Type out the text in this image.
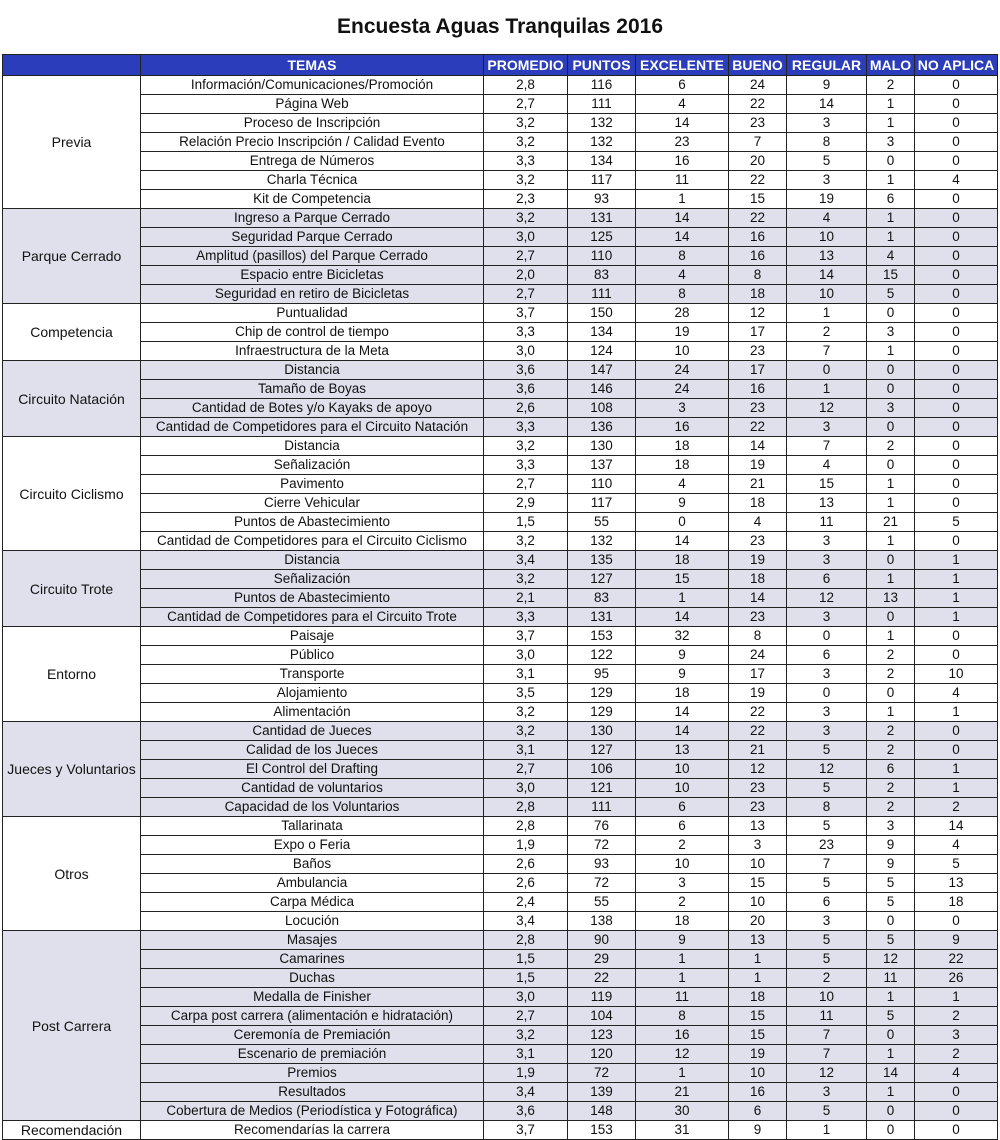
Encuesta Aguas Tranquilas 2016
	TEMAS	PROMEDIO	PUNTOS	EXCELENTE	BUENO	REGULAR	MALO	NO APLICA
Previa	Información/Comunicaciones/Promoción	2,8	116	6	24	9	2	0
	Página Web	2,7	111	4	22	14	1	0
	Proceso de Inscripción	3,2	132	14	23	3	1	0
	Relación Precio Inscripción / Calidad Evento	3,2	132	23	7	8	3	0
	Entrega de Números	3,3	134	16	20	5	0	0
	Charla Técnica	3,2	117	11	22	3	1	4
	Kit de Competencia	2,3	93	1	15	19	6	0
Parque Cerrado	Ingreso a Parque Cerrado	3,2	131	14	22	4	1	0
	Seguridad Parque Cerrado	3,0	125	14	16	10	1	0
	Amplitud (pasillos) del Parque Cerrado	2,7	110	8	16	13	4	0
	Espacio entre Bicicletas	2,0	83	4	8	14	15	0
	Seguridad en retiro de Bicicletas	2,7	111	8	18	10	5	0
Competencia	Puntualidad	3,7	150	28	12	1	0	0
	Chip de control de tiempo	3,3	134	19	17	2	3	0
	Infraestructura de la Meta	3,0	124	10	23	7	1	0
Circuito Natación	Distancia	3,6	147	24	17	0	0	0
	Tamaño de Boyas	3,6	146	24	16	1	0	0
	Cantidad de Botes y/o Kayaks de apoyo	2,6	108	3	23	12	3	0
	Cantidad de Competidores para el Circuito Natación	3,3	136	16	22	3	0	0
Circuito Ciclismo	Distancia	3,2	130	18	14	7	2	0
	Señalización	3,3	137	18	19	4	0	0
	Pavimento	2,7	110	4	21	15	1	0
	Cierre Vehicular	2,9	117	9	18	13	1	0
	Puntos de Abastecimiento	1,5	55	0	4	11	21	5
	Cantidad de Competidores para el Circuito Ciclismo	3,2	132	14	23	3	1	0
Circuito Trote	Distancia	3,4	135	18	19	3	0	1
	Señalización	3,2	127	15	18	6	1	1
	Puntos de Abastecimiento	2,1	83	1	14	12	13	1
	Cantidad de Competidores para el Circuito Trote	3,3	131	14	23	3	0	1
Entorno	Paisaje	3,7	153	32	8	0	1	0
	Público	3,0	122	9	24	6	2	0
	Transporte	3,1	95	9	17	3	2	10
	Alojamiento	3,5	129	18	19	0	0	4
	Alimentación	3,2	129	14	22	3	1	1
Jueces y Voluntarios	Cantidad de Jueces	3,2	130	14	22	3	2	0
	Calidad de los Jueces	3,1	127	13	21	5	2	0
	El Control del Drafting	2,7	106	10	12	12	6	1
	Cantidad de voluntarios	3,0	121	10	23	5	2	1
	Capacidad de los Voluntarios	2,8	111	6	23	8	2	2
Otros	Tallarinata	2,8	76	6	13	5	3	14
	Expo o Feria	1,9	72	2	3	23	9	4
	Baños	2,6	93	10	10	7	9	5
	Ambulancia	2,6	72	3	15	5	5	13
	Carpa Médica	2,4	55	2	10	6	5	18
	Locución	3,4	138	18	20	3	0	0
Post Carrera	Masajes	2,8	90	9	13	5	5	9
	Camarines	1,5	29	1	1	5	12	22
	Duchas	1,5	22	1	1	2	11	26
	Medalla de Finisher	3,0	119	11	18	10	1	1
	Carpa post carrera (alimentación e hidratación)	2,7	104	8	15	11	5	2
	Ceremonía de Premiación	3,2	123	16	15	7	0	3
	Escenario de premiación	3,1	120	12	19	7	1	2
	Premios	1,9	72	1	10	12	14	4
	Resultados	3,4	139	21	16	3	1	0
	Cobertura de Medios (Periodística y Fotográfica)	3,6	148	30	6	5	0	0
Recomendación	Recomendarías la carrera	3,7	153	31	9	1	0	0
